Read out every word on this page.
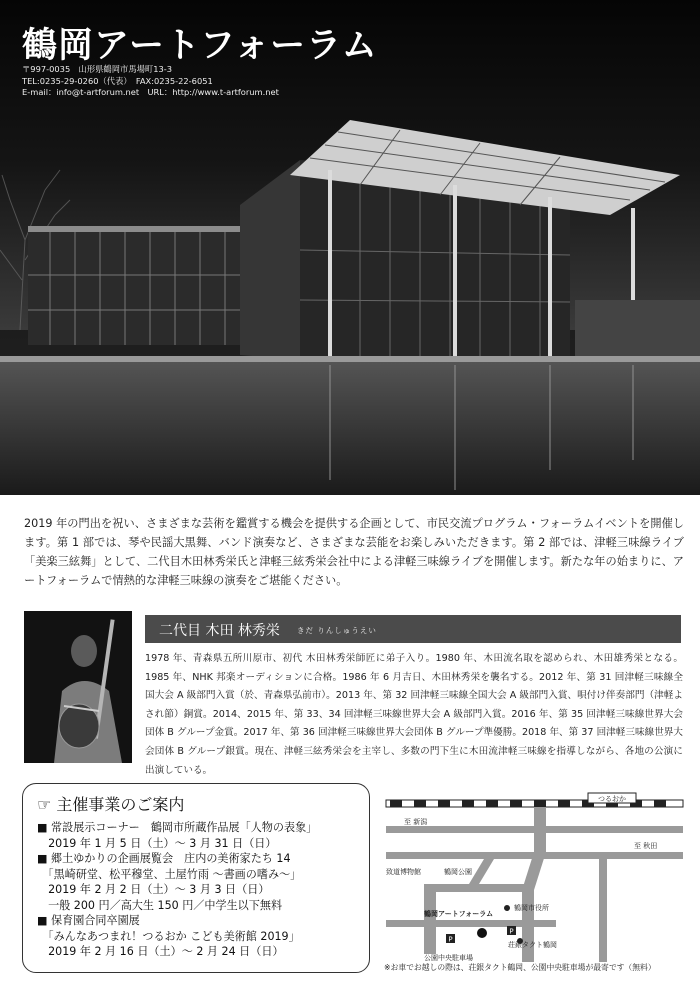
鶴岡アートフォーラム
〒997-0035　山形県鶴岡市馬場町13-3
TEL:0235-29-0260（代表）　FAX:0235-22-6051
E-mail：info@t-artforum.net　URL：http://www.t-artforum.net
2019 年の門出を祝い、さまざまな芸術を鑑賞する機会を提供する企画として、市民交流プログラム・フォーラムイベントを開催します。第 1 部では、琴や民謡大黒舞、バンド演奏など、さまざまな芸能をお楽しみいただきます。第 2 部では、津軽三味線ライブ「美楽三絃舞」として、二代目木田林秀栄氏と津軽三絃秀栄会社中による津軽三味線ライブを開催します。新たな年の始まりに、アートフォーラムで情熱的な津軽三味線の演奏をご堪能ください。
二代目 木田 林秀栄 きだ りんしゅうえい
1978 年、青森県五所川原市、初代 木田林秀栄師匠に弟子入り。1980 年、木田流名取を認められ、木田雄秀栄となる。1985 年、NHK 邦楽オーディションに合格。1986 年 6 月吉日、木田林秀栄を襲名する。2012 年、第 31 回津軽三味線全国大会 A 級部門入賞（於、青森県弘前市）。2013 年、第 32 回津軽三味線全国大会 A 級部門入賞、唄付け伴奏部門（津軽よされ節）銅賞。2014、2015 年、第 33、34 回津軽三味線世界大会 A 級部門入賞。2016 年、第 35 回津軽三味線世界大会団体 B グループ金賞。2017 年、第 36 回津軽三味線世界大会団体 B グループ準優勝。2018 年、第 37 回津軽三味線世界大会団体 B グループ銀賞。現在、津軽三絃秀栄会を主宰し、多数の門下生に木田流津軽三味線を指導しながら、各地の公演に出演している。
☞ 主催事業のご案内
■ 常設展示コーナー　鶴岡市所蔵作品展「人物の表象」
　2019 年 1 月 5 日（土）～ 3 月 31 日（日）
■ 郷土ゆかりの企画展覧会　庄内の美術家たち 14
　「黒崎研堂、松平穆堂、土屋竹雨 ～書画の嗜み～」
　2019 年 2 月 2 日（土）～ 3 月 3 日（日）
　一般 200 円／高大生 150 円／中学生以下無料
■ 保育園合同卒園展
　「みんなあつまれ！つるおか こども美術館 2019」
　2019 年 2 月 16 日（土）～ 2 月 24 日（日）
つるおか
至 新潟
至 秋田
致道博物館	鶴岡公園
鶴岡市役所
鶴岡アートフォーラム
P
P
荘銀タクト鶴岡
公園中央駐車場
※お車でお越しの際は、荘銀タクト鶴岡、公園中央駐車場が最寄です（無料）
